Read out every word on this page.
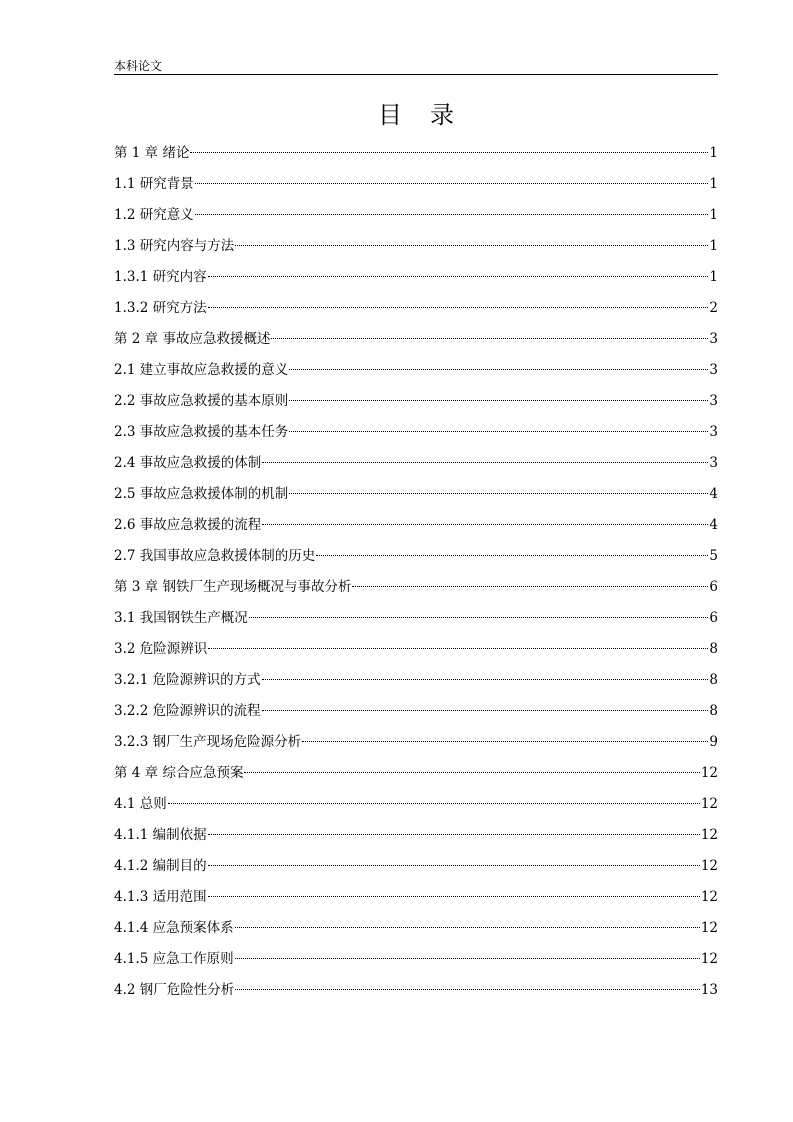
本科论文
目 录
第 1 章 绪论	1
1.1 研究背景	1
1.2 研究意义	1
1.3 研究内容与方法	1
1.3.1 研究内容	1
1.3.2 研究方法	2
第 2 章 事故应急救援概述	3
2.1 建立事故应急救援的意义	3
2.2 事故应急救援的基本原则	3
2.3 事故应急救援的基本任务	3
2.4 事故应急救援的体制	3
2.5 事故应急救援体制的机制	4
2.6 事故应急救援的流程	4
2.7 我国事故应急救援体制的历史	5
第 3 章 钢铁厂生产现场概况与事故分析	6
3.1 我国钢铁生产概况	6
3.2 危险源辨识	8
3.2.1 危险源辨识的方式	8
3.2.2 危险源辨识的流程	8
3.2.3 钢厂生产现场危险源分析	9
第 4 章 综合应急预案	12
4.1 总则	12
4.1.1 编制依据	12
4.1.2 编制目的	12
4.1.3 适用范围	12
4.1.4 应急预案体系	12
4.1.5 应急工作原则	12
4.2 钢厂危险性分析	13
